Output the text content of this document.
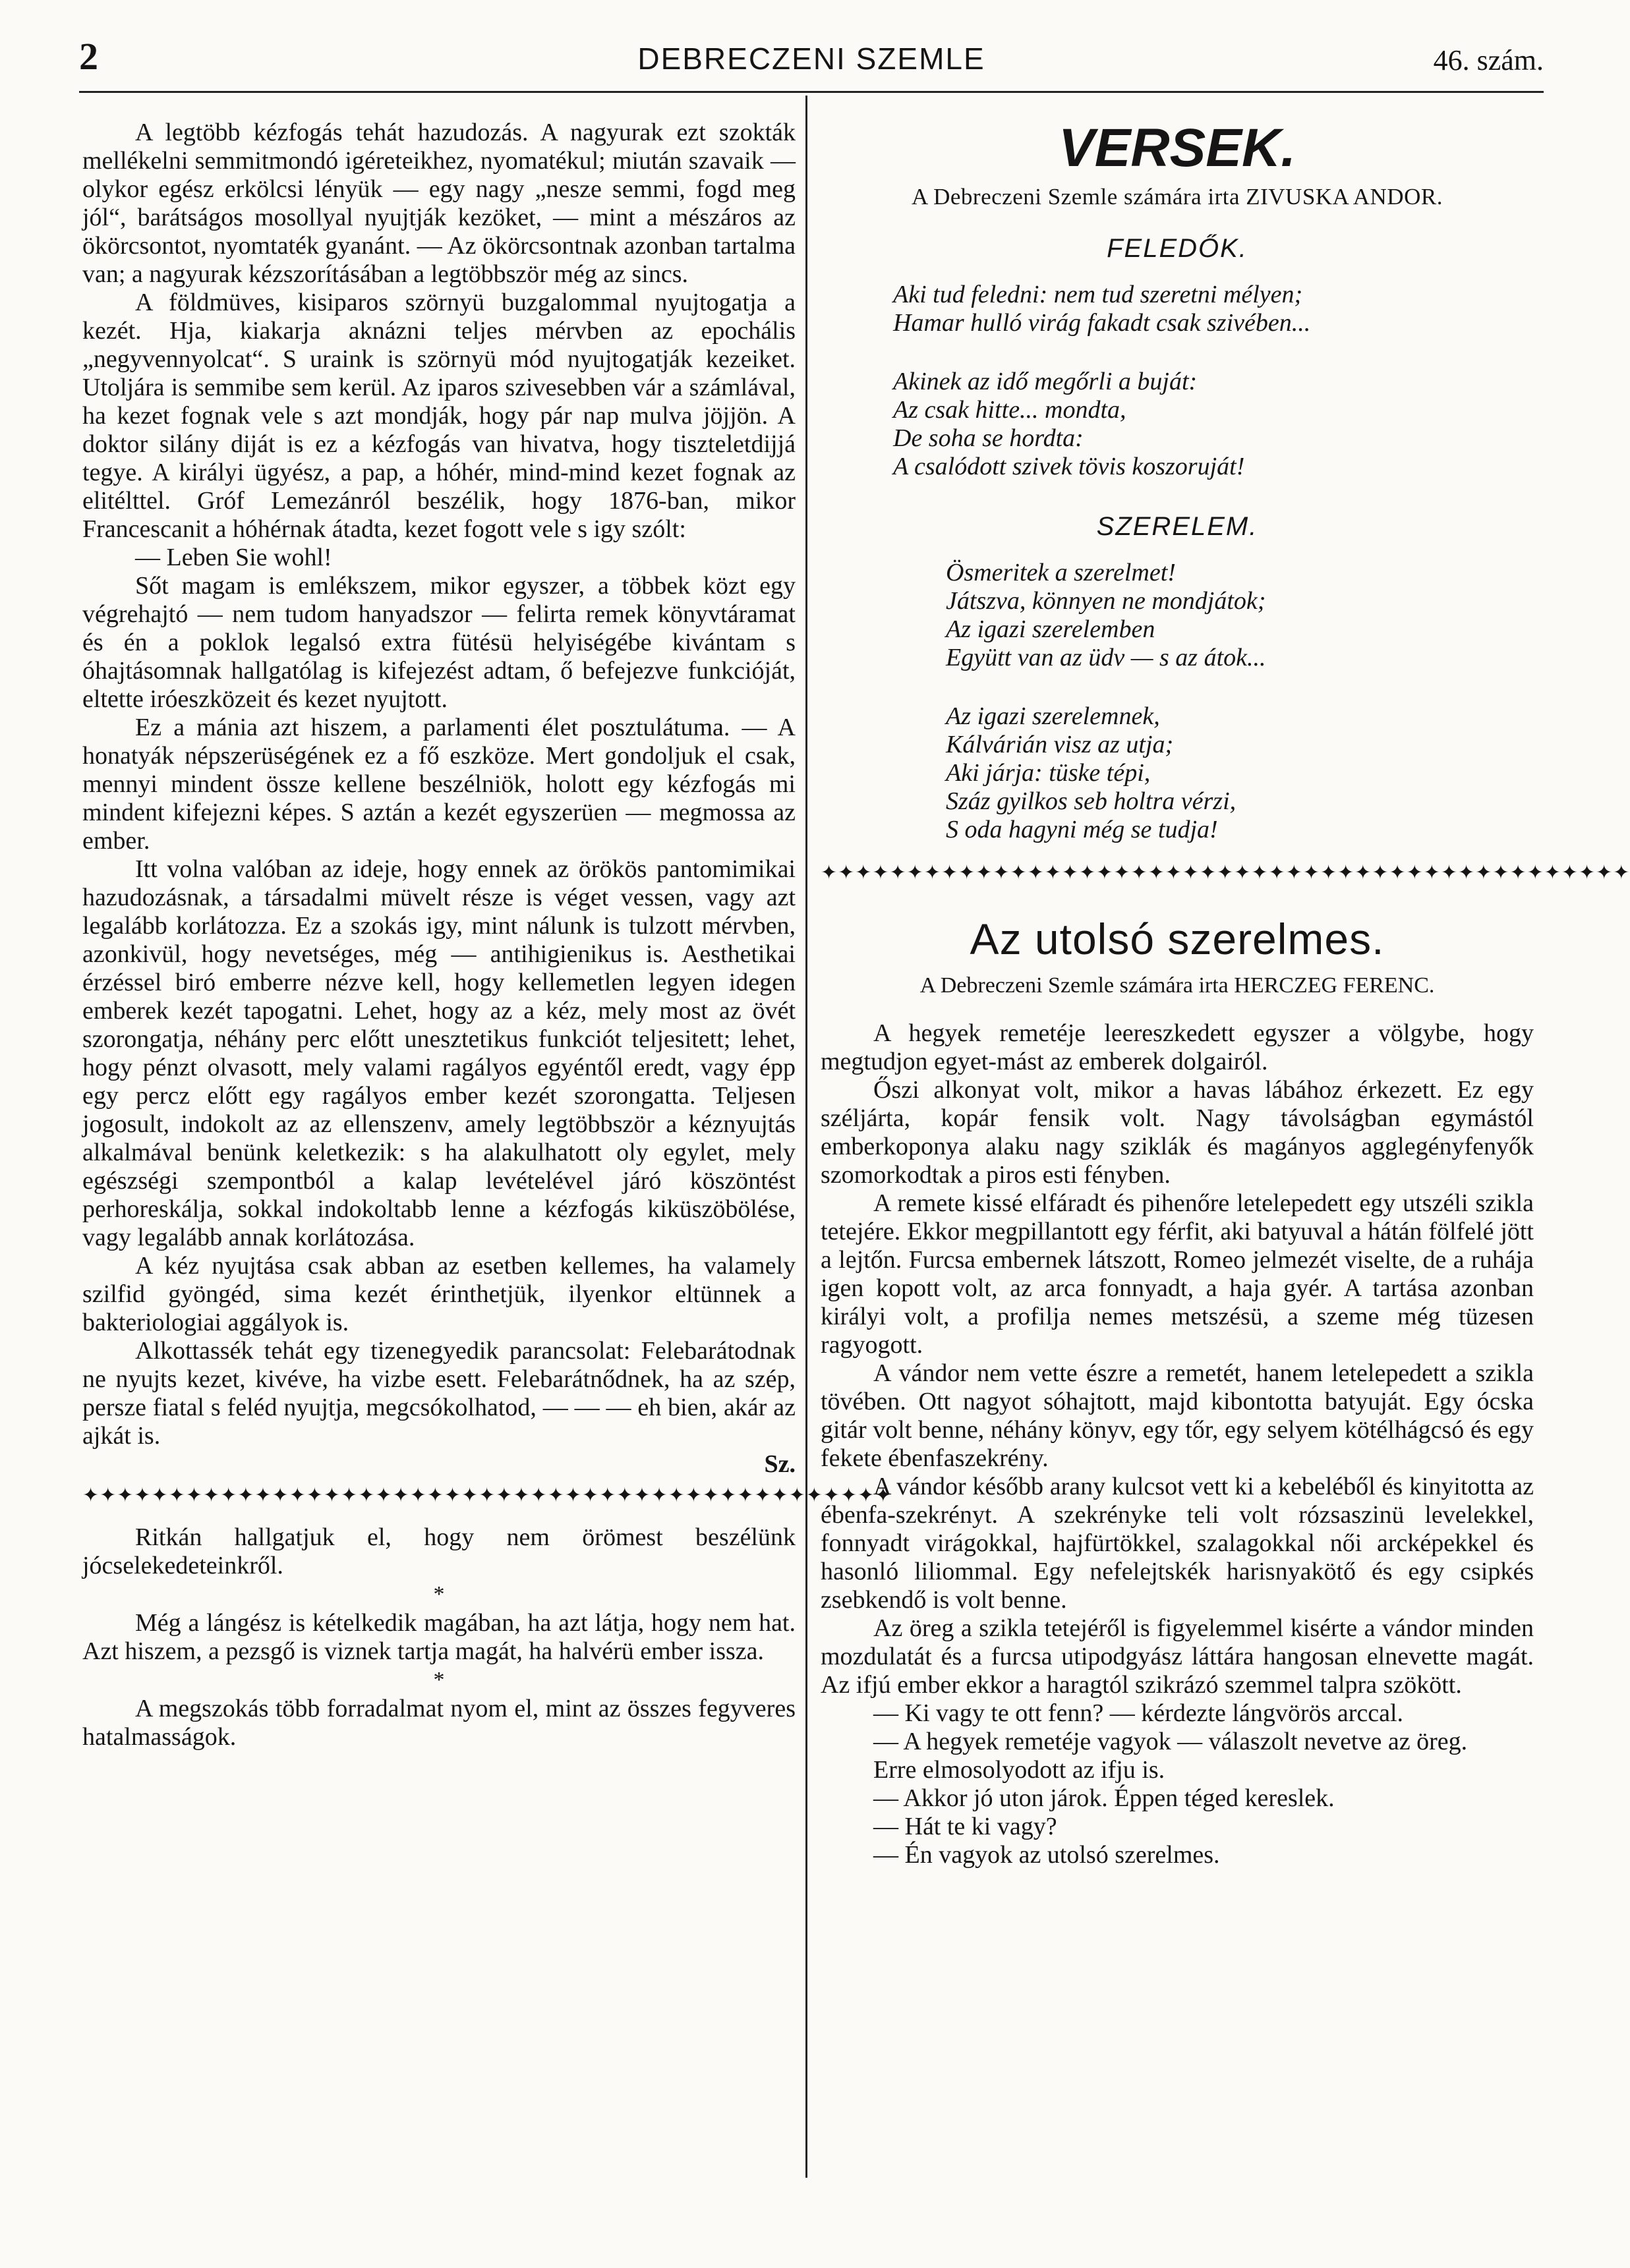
2	DEBRECZENI SZEMLE	46. szám.

A legtöbb kézfogás tehát hazudozás. A nagyurak ezt szokták mellékelni semmitmondó igéreteikhez, nyomatékul; miután szavaik — olykor egész erkölcsi lényük — egy nagy „nesze semmi, fogd meg jól“, barátságos mosollyal nyujtják kezöket, — mint a mészáros az ökörcsontot, nyomtaték gyanánt. — Az ökörcsontnak azonban tartalma van; a nagyurak kézszorításában a legtöbbször még az sincs.

A földmüves, kisiparos szörnyü buzgalommal nyujtogatja a kezét. Hja, kiakarja aknázni teljes mérvben az epochális „negyvennyolcat“. S uraink is szörnyü mód nyujtogatják kezeiket. Utoljára is semmibe sem kerül. Az iparos szivesebben vár a számlával, ha kezet fognak vele s azt mondják, hogy pár nap mulva jöjjön. A doktor silány diját is ez a kézfogás van hivatva, hogy tiszteletdijjá tegye. A királyi ügyész, a pap, a hóhér, mind-mind kezet fognak az elitélttel. Gróf Lemezánról beszélik, hogy 1876-ban, mikor Francescanit a hóhérnak átadta, kezet fogott vele s igy szólt:

— Leben Sie wohl!

Sőt magam is emlékszem, mikor egyszer, a többek közt egy végrehajtó — nem tudom hanyadszor — felirta remek könyvtáramat és én a poklok legalsó extra fütésü helyiségébe kivántam s óhajtásomnak hallgatólag is kifejezést adtam, ő befejezve funkcióját, eltette iróeszközeit és kezet nyujtott.

Ez a mánia azt hiszem, a parlamenti élet posztulátuma. — A honatyák népszerüségének ez a fő eszköze. Mert gondoljuk el csak, mennyi mindent össze kellene beszélniök, holott egy kézfogás mi mindent kifejezni képes. S aztán a kezét egyszerüen — megmossa az ember.

Itt volna valóban az ideje, hogy ennek az örökös pantomimikai hazudozásnak, a társadalmi müvelt része is véget vessen, vagy azt legalább korlátozza. Ez a szokás igy, mint nálunk is tulzott mérvben, azonkivül, hogy nevetséges, még — antihigienikus is. Aesthetikai érzéssel biró emberre nézve kell, hogy kellemetlen legyen idegen emberek kezét tapogatni. Lehet, hogy az a kéz, mely most az övét szorongatja, néhány perc előtt unesztetikus funkciót teljesitett; lehet, hogy pénzt olvasott, mely valami ragályos egyéntől eredt, vagy épp egy percz előtt egy ragályos ember kezét szorongatta. Teljesen jogosult, indokolt az az ellenszenv, amely legtöbbször a kéznyujtás alkalmával benünk keletkezik: s ha alakulhatott oly egylet, mely egészségi szempontból a kalap levételével járó köszöntést perhoreskálja, sokkal indokoltabb lenne a kézfogás kiküszöbölése, vagy legalább annak korlátozása.

A kéz nyujtása csak abban az esetben kellemes, ha valamely szilfid gyöngéd, sima kezét érinthetjük, ilyenkor eltünnek a bakteriologiai aggályok is.

Alkottassék tehát egy tizenegyedik parancsolat: Felebarátodnak ne nyujts kezet, kivéve, ha vizbe esett. Felebarátnődnek, ha az szép, persze fiatal s feléd nyujtja, megcsókolhatod, — — — eh bien, akár az ajkát is.

Sz.

✦✦✦✦✦✦✦✦✦✦✦✦✦✦✦✦✦✦✦✦✦✦✦✦✦✦✦✦✦✦✦✦✦✦✦✦✦✦✦✦✦✦✦✦✦✦✦

Ritkán hallgatjuk el, hogy nem örömest beszélünk jócselekedeteinkről.

*

Még a lángész is kételkedik magában, ha azt látja, hogy nem hat. Azt hiszem, a pezsgő is viznek tartja magát, ha halvérü ember issza.

*

A megszokás több forradalmat nyom el, mint az összes fegyveres hatalmasságok.

VERSEK.
A Debreczeni Szemle számára irta ZIVUSKA ANDOR.
FELEDŐK.
Aki tud feledni: nem tud szeretni mélyen;
Hamar hulló virág fakadt csak szivében...
Akinek az idő megőrli a buját:
Az csak hitte... mondta,
De soha se hordta:
A csalódott szivek tövis koszoruját!
SZERELEM.
Ösmeritek a szerelmet!
Játszva, könnyen ne mondjátok;
Az igazi szerelemben
Együtt van az üdv — s az átok...
Az igazi szerelemnek,
Kálvárián visz az utja;
Aki járja: tüske tépi,
Száz gyilkos seb holtra vérzi,
S oda hagyni még se tudja!
✦✦✦✦✦✦✦✦✦✦✦✦✦✦✦✦✦✦✦✦✦✦✦✦✦✦✦✦✦✦✦✦✦✦✦✦✦✦✦✦✦✦✦✦✦✦✦
Az utolsó szerelmes.
A Debreczeni Szemle számára irta HERCZEG FERENC.

A hegyek remetéje leereszkedett egyszer a völgybe, hogy megtudjon egyet-mást az emberek dolgairól.

Őszi alkonyat volt, mikor a havas lábához érkezett. Ez egy széljárta, kopár fensik volt. Nagy távolságban egymástól emberkoponya alaku nagy sziklák és magányos agglegényfenyők szomorkodtak a piros esti fényben.

A remete kissé elfáradt és pihenőre letelepedett egy utszéli szikla tetejére. Ekkor megpillantott egy férfit, aki batyuval a hátán fölfelé jött a lejtőn. Furcsa embernek látszott, Romeo jelmezét viselte, de a ruhája igen kopott volt, az arca fonnyadt, a haja gyér. A tartása azonban királyi volt, a profilja nemes metszésü, a szeme még tüzesen ragyogott.

A vándor nem vette észre a remetét, hanem letelepedett a szikla tövében. Ott nagyot sóhajtott, majd kibontotta batyuját. Egy ócska gitár volt benne, néhány könyv, egy tőr, egy selyem kötélhágcsó és egy fekete ébenfaszekrény.

A vándor később arany kulcsot vett ki a kebeléből és kinyitotta az ébenfa-szekrényt. A szekrényke teli volt rózsaszinü levelekkel, fonnyadt virágokkal, hajfürtökkel, szalagokkal női arcképekkel és hasonló liliommal. Egy nefelejtskék harisnyakötő és egy csipkés zsebkendő is volt benne.

Az öreg a szikla tetejéről is figyelemmel kisérte a vándor minden mozdulatát és a furcsa utipodgyász láttára hangosan elnevette magát. Az ifjú ember ekkor a haragtól szikrázó szemmel talpra szökött.

— Ki vagy te ott fenn? — kérdezte lángvörös arccal.

— A hegyek remetéje vagyok — válaszolt nevetve az öreg.

Erre elmosolyodott az ifju is.

— Akkor jó uton járok. Éppen téged kereslek.

— Hát te ki vagy?

— Én vagyok az utolsó szerelmes.
